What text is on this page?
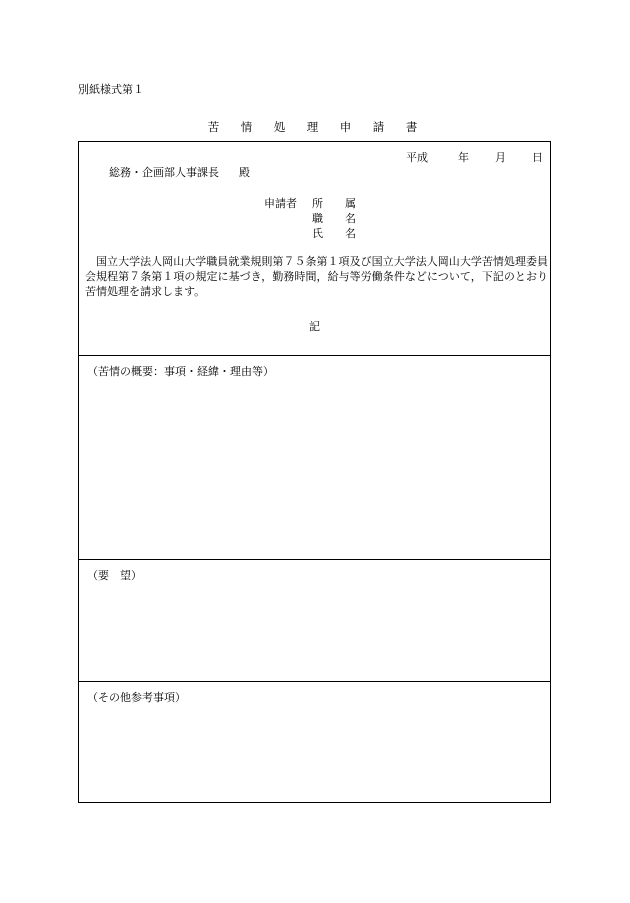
別紙様式第１
苦　情　処　理　申　請　書
平成	年 月 日
総務・企画部人事課長 殿
申請者 所　　属
職　　名
氏　　名
　国立大学法人岡山大学職員就業規則第７５条第１項及び国立大学法人岡山大学苦情処理委員会規程第７条第１項の規定に基づき，勤務時間，給与等労働条件などについて，下記のとおり苦情処理を請求します。
記
（苦情の概要：事項・経緯・理由等）
（要　望）
（その他参考事項）
